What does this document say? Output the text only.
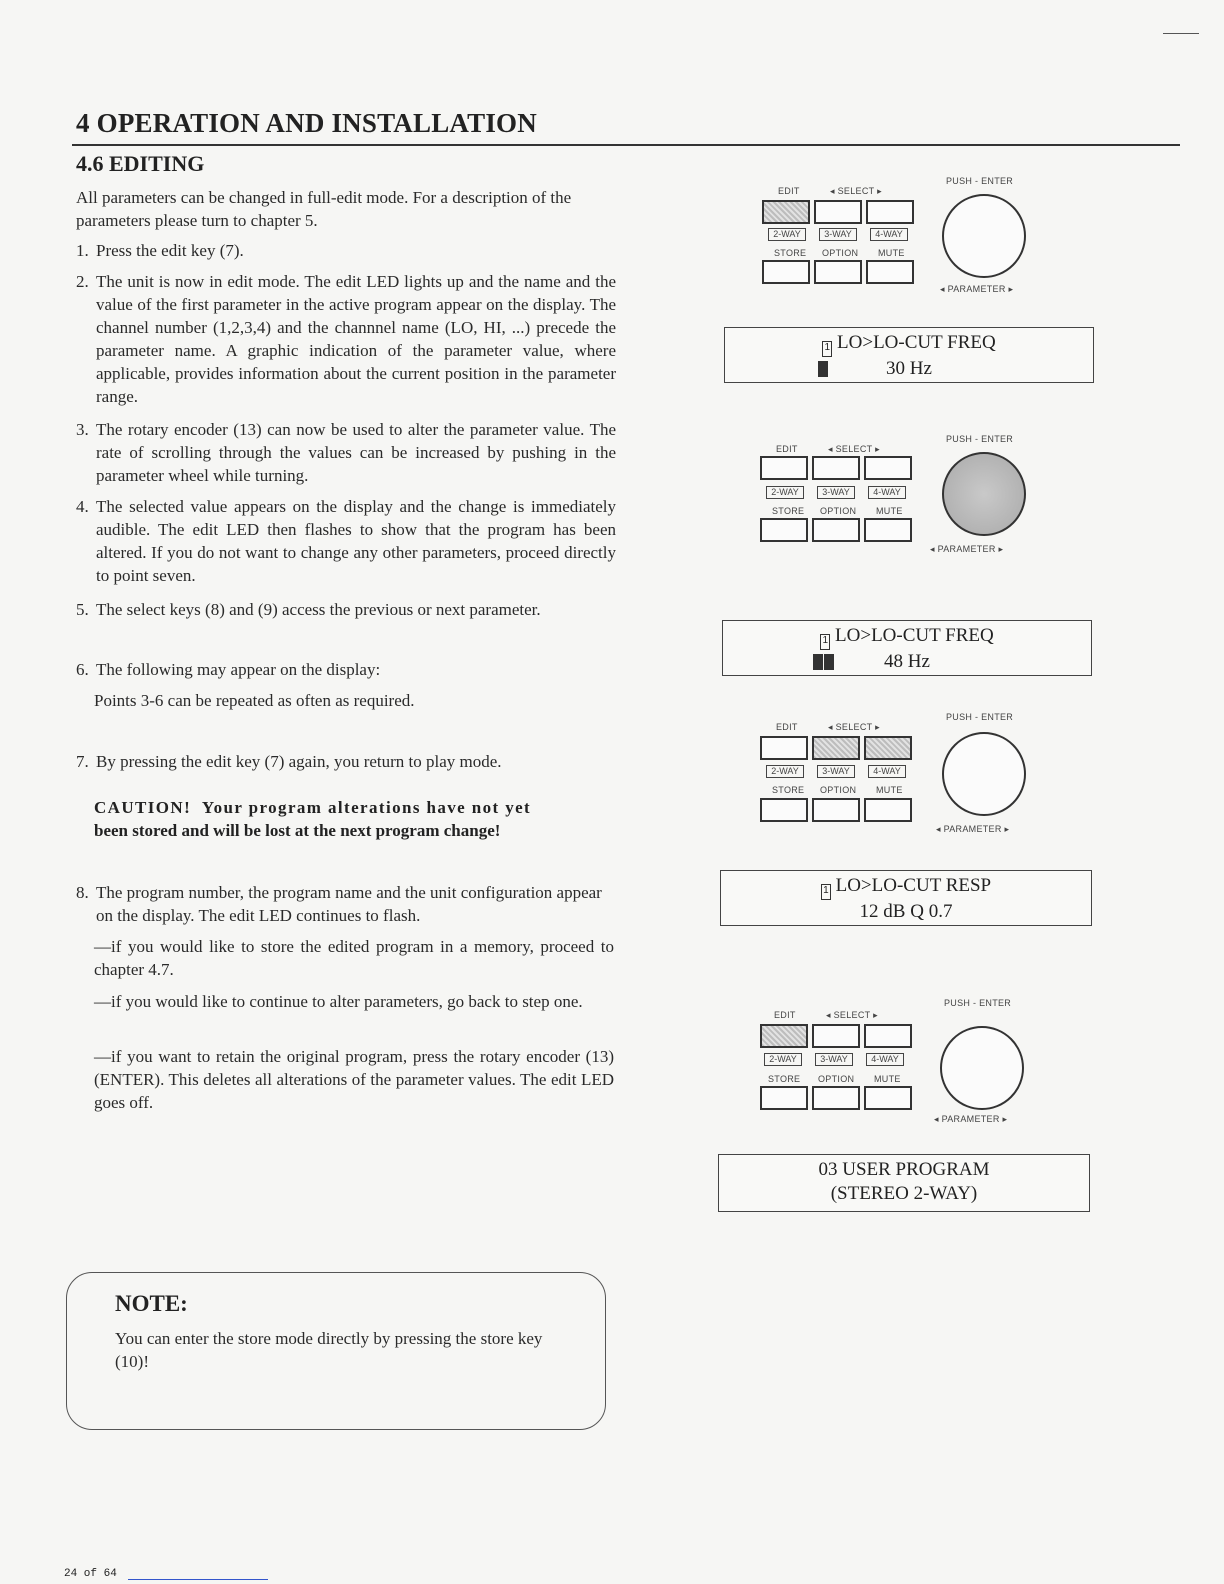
4 OPERATION AND INSTALLATION
4.6 EDITING
All parameters can be changed in full-edit mode. For a description of the parameters please turn to chapter 5.
1. Press the edit key (7).
2. The unit is now in edit mode. The edit LED lights up and the name and the value of the first parameter in the active program appear on the display. The channel number (1,2,3,4) and the channnel name (LO, HI, ...) precede the parameter name. A graphic indication of the parameter value, where applicable, provides information about the current position in the parameter range.
3. The rotary encoder (13) can now be used to alter the parameter value. The rate of scrolling through the values can be increased by pushing in the parameter wheel while turning.
4. The selected value appears on the display and the change is immediately audible. The edit LED then flashes to show that the program has been altered. If you do not want to change any other parameters, proceed directly to point seven.
5. The select keys (8) and (9) access the previous or next parameter.
6. The following may appear on the display:
Points 3-6 can be repeated as often as required.
7. By pressing the edit key (7) again, you return to play mode.
CAUTION! Your program alterations have not yet
been stored and will be lost at the next program change!
8. The program number, the program name and the unit configuration appear on the display. The edit LED continues to flash.
—if you would like to store the edited program in a memory, proceed to chapter 4.7.
—if you would like to continue to alter parameters, go back to step one.
—if you want to retain the original program, press the rotary encoder (13) (ENTER). This deletes all alterations of the parameter values. The edit LED goes off.
NOTE:
You can enter the store mode directly by pressing the store key (10)!
EDIT	◂ SELECT ▸
PUSH - ENTER
2-WAY	3-WAY	4-WAY
STORE OPTION MUTE
◂ PARAMETER ▸
1 LO>LO-CUT FREQ
30 Hz
EDIT	◂ SELECT ▸
PUSH - ENTER
2-WAY	3-WAY	4-WAY
STORE OPTION MUTE
◂ PARAMETER ▸
1 LO>LO-CUT FREQ
48 Hz
EDIT	◂ SELECT ▸
PUSH - ENTER
2-WAY	3-WAY	4-WAY
STORE OPTION MUTE
◂ PARAMETER ▸
1 LO>LO-CUT RESP
12 dB Q 0.7
EDIT	◂ SELECT ▸
PUSH - ENTER
2-WAY	3-WAY	4-WAY
STORE OPTION MUTE
◂ PARAMETER ▸
03 USER PROGRAM
(STEREO 2-WAY)
24 of 64
